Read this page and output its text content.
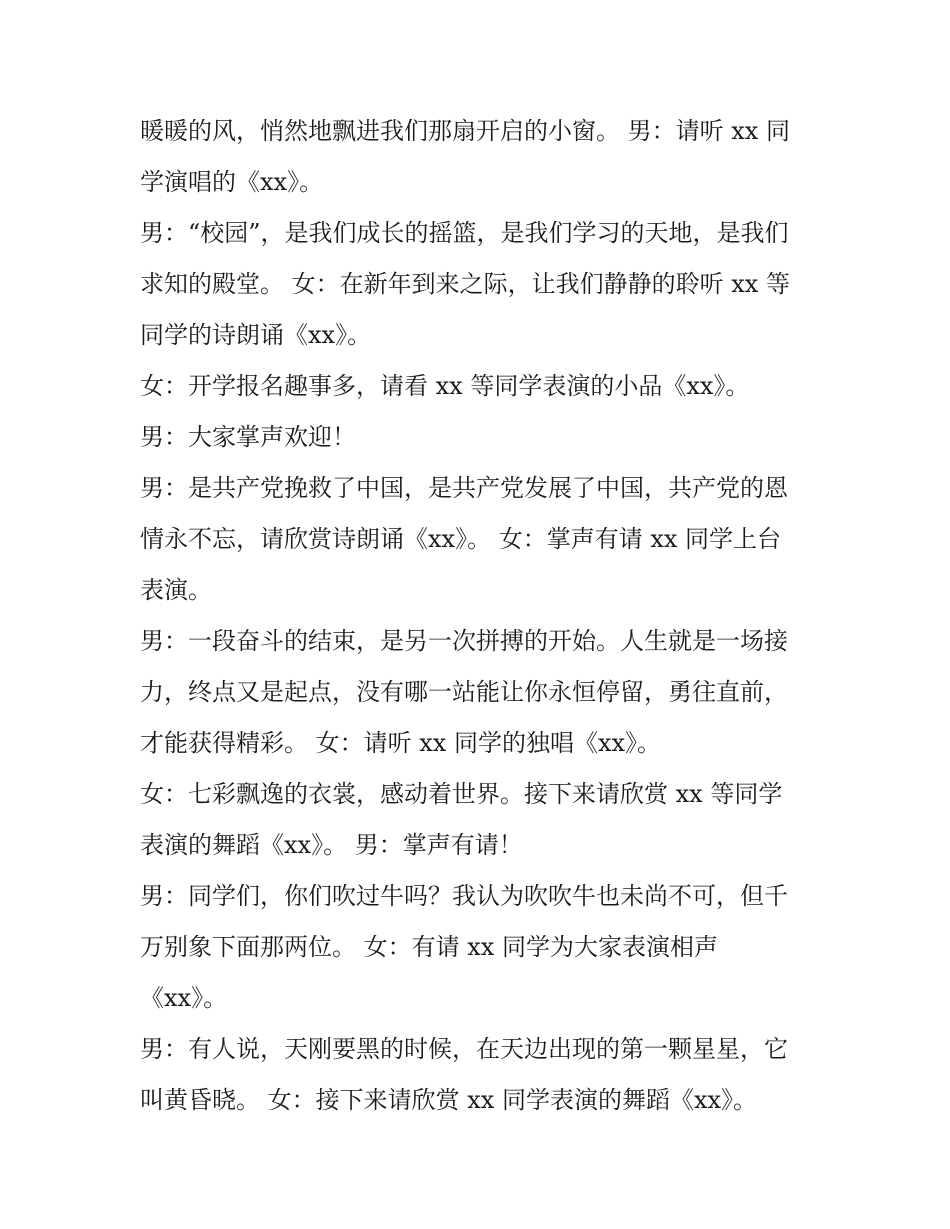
暖暖的风，悄然地飘进我们那扇开启的小窗。 男：请听 xx 同
学演唱的《xx》。
男：“校园”，是我们成长的摇篮，是我们学习的天地，是我们
求知的殿堂。 女：在新年到来之际，让我们静静的聆听 xx 等
同学的诗朗诵《xx》。
女：开学报名趣事多，请看 xx 等同学表演的小品《xx》。
男：大家掌声欢迎！
男：是共产党挽救了中国，是共产党发展了中国，共产党的恩
情永不忘，请欣赏诗朗诵《xx》。 女：掌声有请 xx 同学上台
表演。
男：一段奋斗的结束，是另一次拼搏的开始。人生就是一场接
力，终点又是起点，没有哪一站能让你永恒停留，勇往直前，
才能获得精彩。 女：请听 xx 同学的独唱《xx》。
女：七彩飘逸的衣裳，感动着世界。接下来请欣赏 xx 等同学
表演的舞蹈《xx》。 男：掌声有请！
男：同学们，你们吹过牛吗？我认为吹吹牛也未尚不可，但千
万别象下面那两位。 女：有请 xx 同学为大家表演相声
《xx》。
男：有人说，天刚要黑的时候，在天边出现的第一颗星星，它
叫黄昏晓。 女：接下来请欣赏 xx 同学表演的舞蹈《xx》。
